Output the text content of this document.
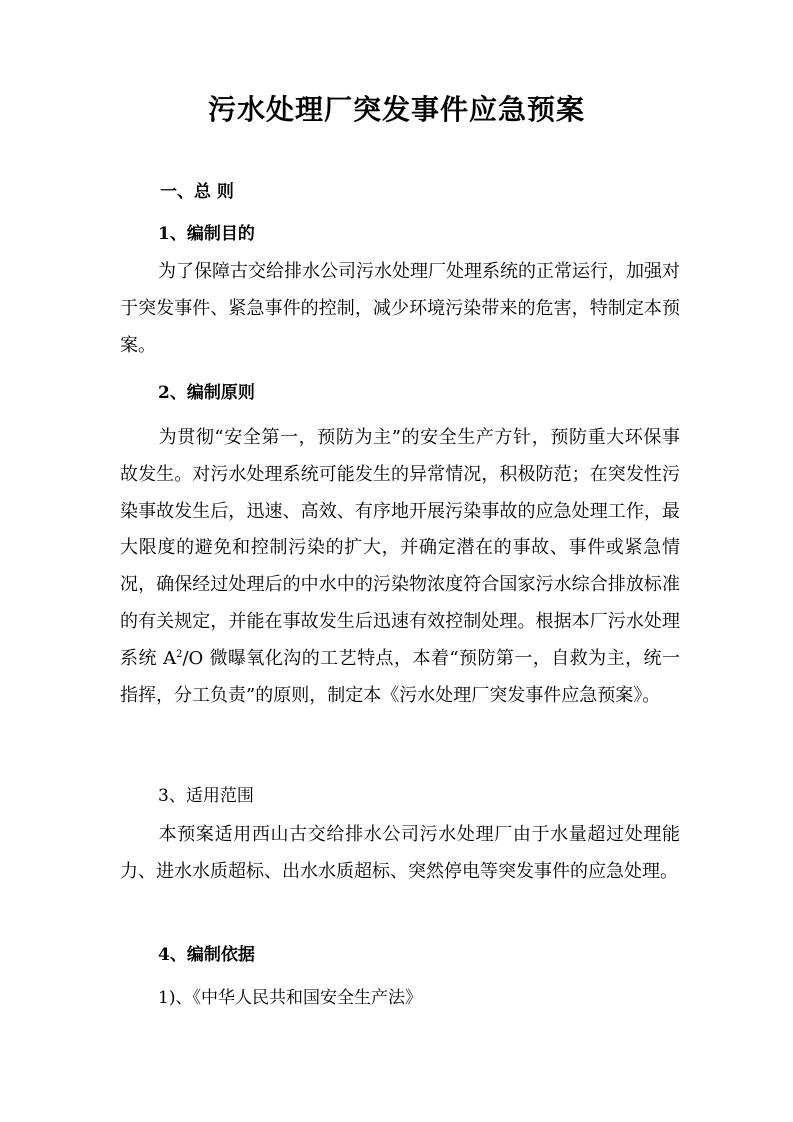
污水处理厂突发事件应急预案
一、总 则
1、编制目的
为了保障古交给排水公司污水处理厂处理系统的正常运行，加强对于突发事件、紧急事件的控制，减少环境污染带来的危害，特制定本预案。
2、编制原则
为贯彻“安全第一，预防为主”的安全生产方针，预防重大环保事故发生。对污水处理系统可能发生的异常情况，积极防范；在突发性污染事故发生后，迅速、高效、有序地开展污染事故的应急处理工作，最大限度的避免和控制污染的扩大，并确定潜在的事故、事件或紧急情况，确保经过处理后的中水中的污染物浓度符合国家污水综合排放标准的有关规定，并能在事故发生后迅速有效控制处理。根据本厂污水处理系统 $A^2/O$ 微曝氧化沟的工艺特点，本着“预防第一，自救为主，统一指挥，分工负责”的原则，制定本《污水处理厂突发事件应急预案》。
3、适用范围
本预案适用西山古交给排水公司污水处理厂由于水量超过处理能力、进水水质超标、出水水质超标、突然停电等突发事件的应急处理。
4、编制依据
1)、《中华人民共和国安全生产法》
